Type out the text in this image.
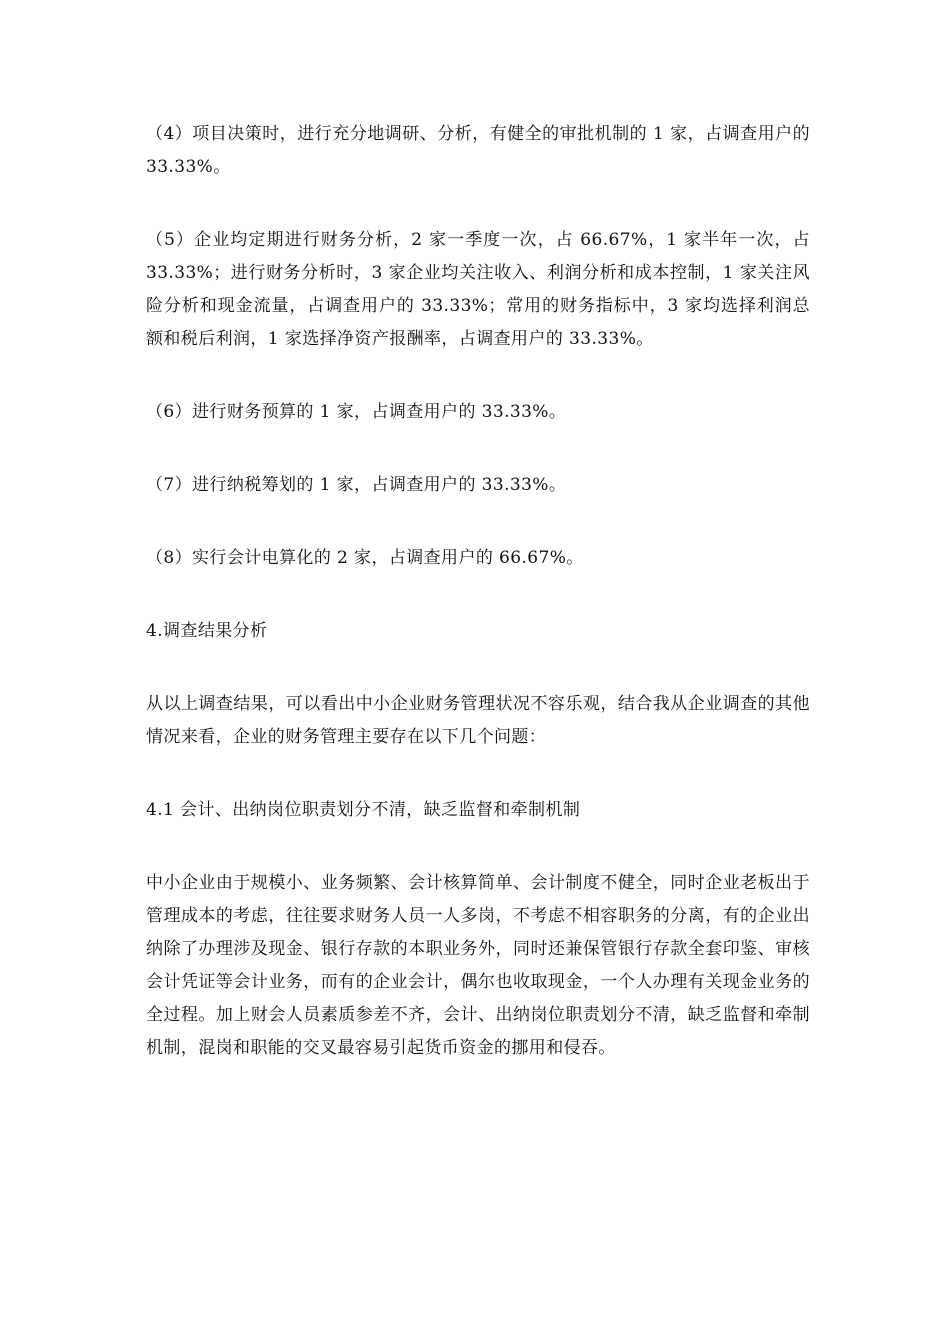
（4）项目决策时，进行充分地调研、分析，有健全的审批机制的 1 家，占调查用户的 33.33%。

（5）企业均定期进行财务分析，2 家一季度一次，占 66.67%，1 家半年一次，占 33.33%；进行财务分析时，3 家企业均关注收入、利润分析和成本控制，1 家关注风险分析和现金流量，占调查用户的 33.33%；常用的财务指标中，3 家均选择利润总额和税后利润，1 家选择净资产报酬率，占调查用户的 33.33%。

（6）进行财务预算的 1 家，占调查用户的 33.33%。

（7）进行纳税筹划的 1 家，占调查用户的 33.33%。

（8）实行会计电算化的 2 家，占调查用户的 66.67%。

4.调查结果分析

从以上调查结果，可以看出中小企业财务管理状况不容乐观，结合我从企业调查的其他情况来看，企业的财务管理主要存在以下几个问题：

4.1 会计、出纳岗位职责划分不清，缺乏监督和牵制机制

中小企业由于规模小、业务频繁、会计核算简单、会计制度不健全，同时企业老板出于管理成本的考虑，往往要求财务人员一人多岗，不考虑不相容职务的分离，有的企业出纳除了办理涉及现金、银行存款的本职业务外，同时还兼保管银行存款全套印鉴、审核会计凭证等会计业务，而有的企业会计，偶尔也收取现金，一个人办理有关现金业务的全过程。加上财会人员素质参差不齐，会计、出纳岗位职责划分不清，缺乏监督和牵制机制，混岗和职能的交叉最容易引起货币资金的挪用和侵吞。
